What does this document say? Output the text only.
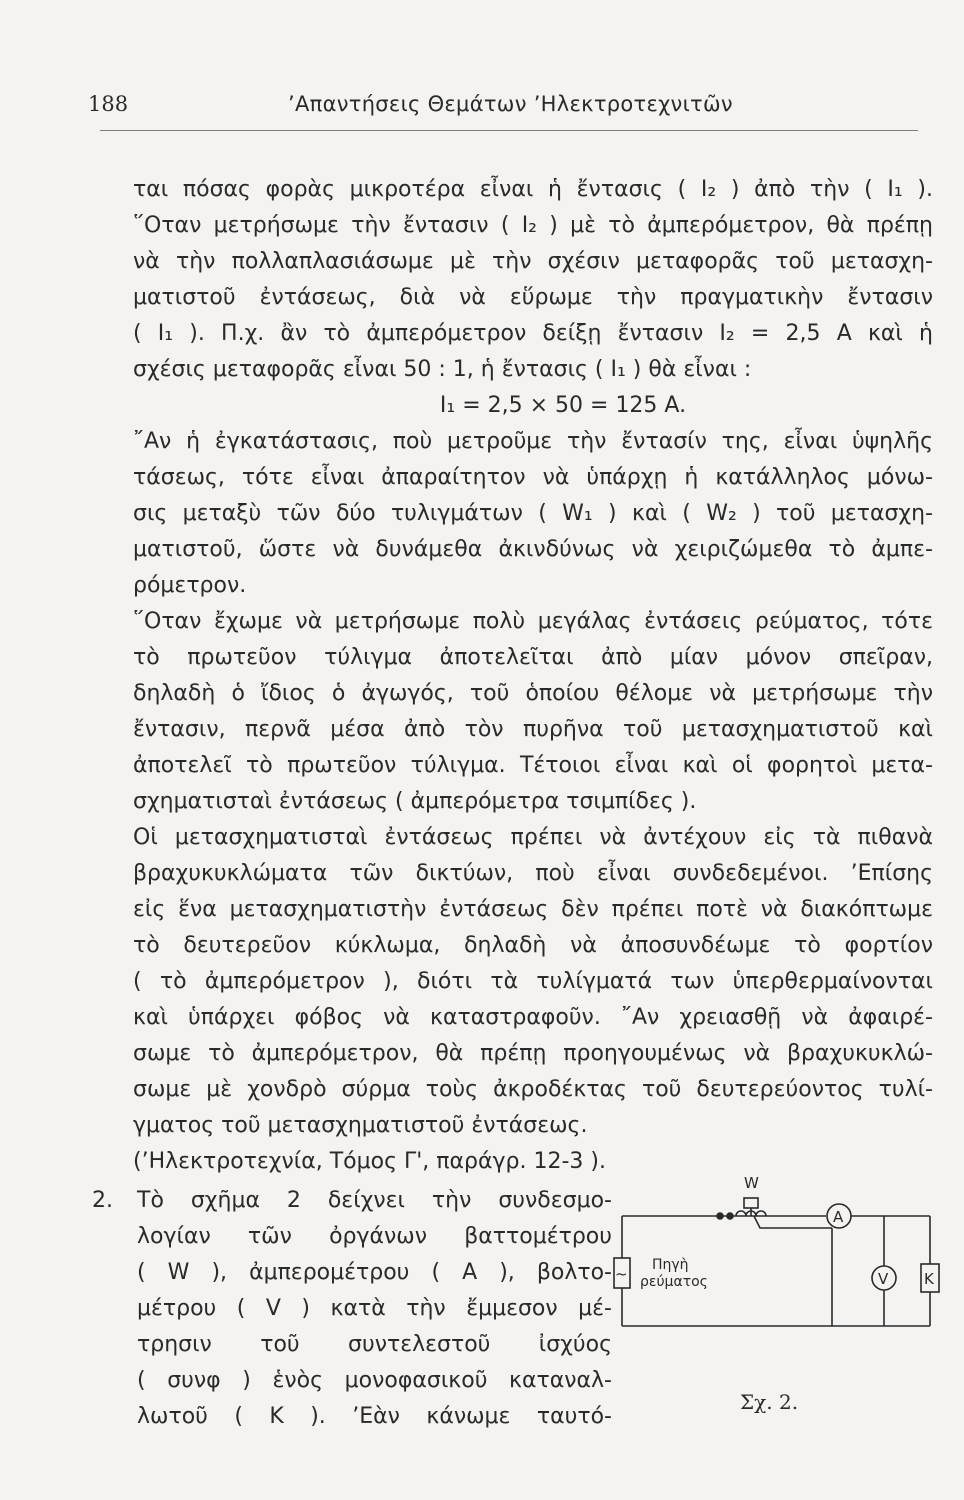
188	’Απαντήσεις Θεμάτων ’Ηλεκτροτεχνιτῶν
ται πόσας φορὰς μικροτέρα εἶναι ἡ ἔντασις ( I₂ ) ἀπὸ τὴν ( I₁ ).
῞Οταν μετρήσωμε τὴν ἔντασιν ( I₂ ) μὲ τὸ ἀμπερόμετρον, θὰ πρέπῃ
νὰ τὴν πολλαπλασιάσωμε μὲ τὴν σχέσιν μεταφορᾶς τοῦ μετασχη-
ματιστοῦ ἐντάσεως, διὰ νὰ εὕρωμε τὴν πραγματικὴν ἔντασιν
( I₁ ). Π.χ. ἂν τὸ ἀμπερόμετρον δείξῃ ἔντασιν I₂ = 2,5 A καὶ ἡ
σχέσις μεταφορᾶς εἶναι 50 : 1, ἡ ἔντασις ( I₁ ) θὰ εἶναι :
I₁ = 2,5 × 50 = 125 A.
῎Αν ἡ ἐγκατάστασις, ποὺ μετροῦμε τὴν ἔντασίν της, εἶναι ὑψηλῆς
τάσεως, τότε εἶναι ἀπαραίτητον νὰ ὑπάρχῃ ἡ κατάλληλος μόνω-
σις μεταξὺ τῶν δύο τυλιγμάτων ( W₁ ) καὶ ( W₂ ) τοῦ μετασχη-
ματιστοῦ, ὥστε νὰ δυνάμεθα ἀκινδύνως νὰ χειριζώμεθα τὸ ἀμπε-
ρόμετρον.
῞Οταν ἔχωμε νὰ μετρήσωμε πολὺ μεγάλας ἐντάσεις ρεύματος, τότε
τὸ πρωτεῦον τύλιγμα ἀποτελεῖται ἀπὸ μίαν μόνον σπεῖραν,
δηλαδὴ ὁ ἴδιος ὁ ἀγωγός, τοῦ ὁποίου θέλομε νὰ μετρήσωμε τὴν
ἔντασιν, περνᾶ μέσα ἀπὸ τὸν πυρῆνα τοῦ μετασχηματιστοῦ καὶ
ἀποτελεῖ τὸ πρωτεῦον τύλιγμα. Τέτοιοι εἶναι καὶ οἱ φορητοὶ μετα-
σχηματισταὶ ἐντάσεως ( ἀμπερόμετρα τσιμπίδες ).
Οἱ μετασχηματισταὶ ἐντάσεως πρέπει νὰ ἀντέχουν εἰς τὰ πιθανὰ
βραχυκυκλώματα τῶν δικτύων, ποὺ εἶναι συνδεδεμένοι. ’Επίσης
εἰς ἕνα μετασχηματιστὴν ἐντάσεως δὲν πρέπει ποτὲ νὰ διακόπτωμε
τὸ δευτερεῦον κύκλωμα, δηλαδὴ νὰ ἀποσυνδέωμε τὸ φορτίον
( τὸ ἀμπερόμετρον ), διότι τὰ τυλίγματά των ὑπερθερμαίνονται
καὶ ὑπάρχει φόβος νὰ καταστραφοῦν. ῎Αν χρειασθῇ νὰ ἀφαιρέ-
σωμε τὸ ἀμπερόμετρον, θὰ πρέπῃ προηγουμένως νὰ βραχυκυκλώ-
σωμε μὲ χονδρὸ σύρμα τοὺς ἀκροδέκτας τοῦ δευτερεύοντος τυλί-
γματος τοῦ μετασχηματιστοῦ ἐντάσεως.
(’Ηλεκτροτεχνία, Τόμος Γ', παράγρ. 12-3 ).
2. Τὸ σχῆμα 2 δείχνει τὴν συνδεσμο-
λογίαν τῶν ὀργάνων βαττομέτρου
( W ), ἀμπερομέτρου ( A ), βολτο-
μέτρου ( V ) κατὰ τὴν ἔμμεσον μέ-
τρησιν τοῦ συντελεστοῦ ἰσχύος
( συνφ ) ἑνὸς μονοφασικοῦ καταναλ-
λωτοῦ ( K ). ’Εὰν κάνωμε ταυτό-
W
A
V K
~ Πηγὴ
ρεύματος
Σχ. 2.
